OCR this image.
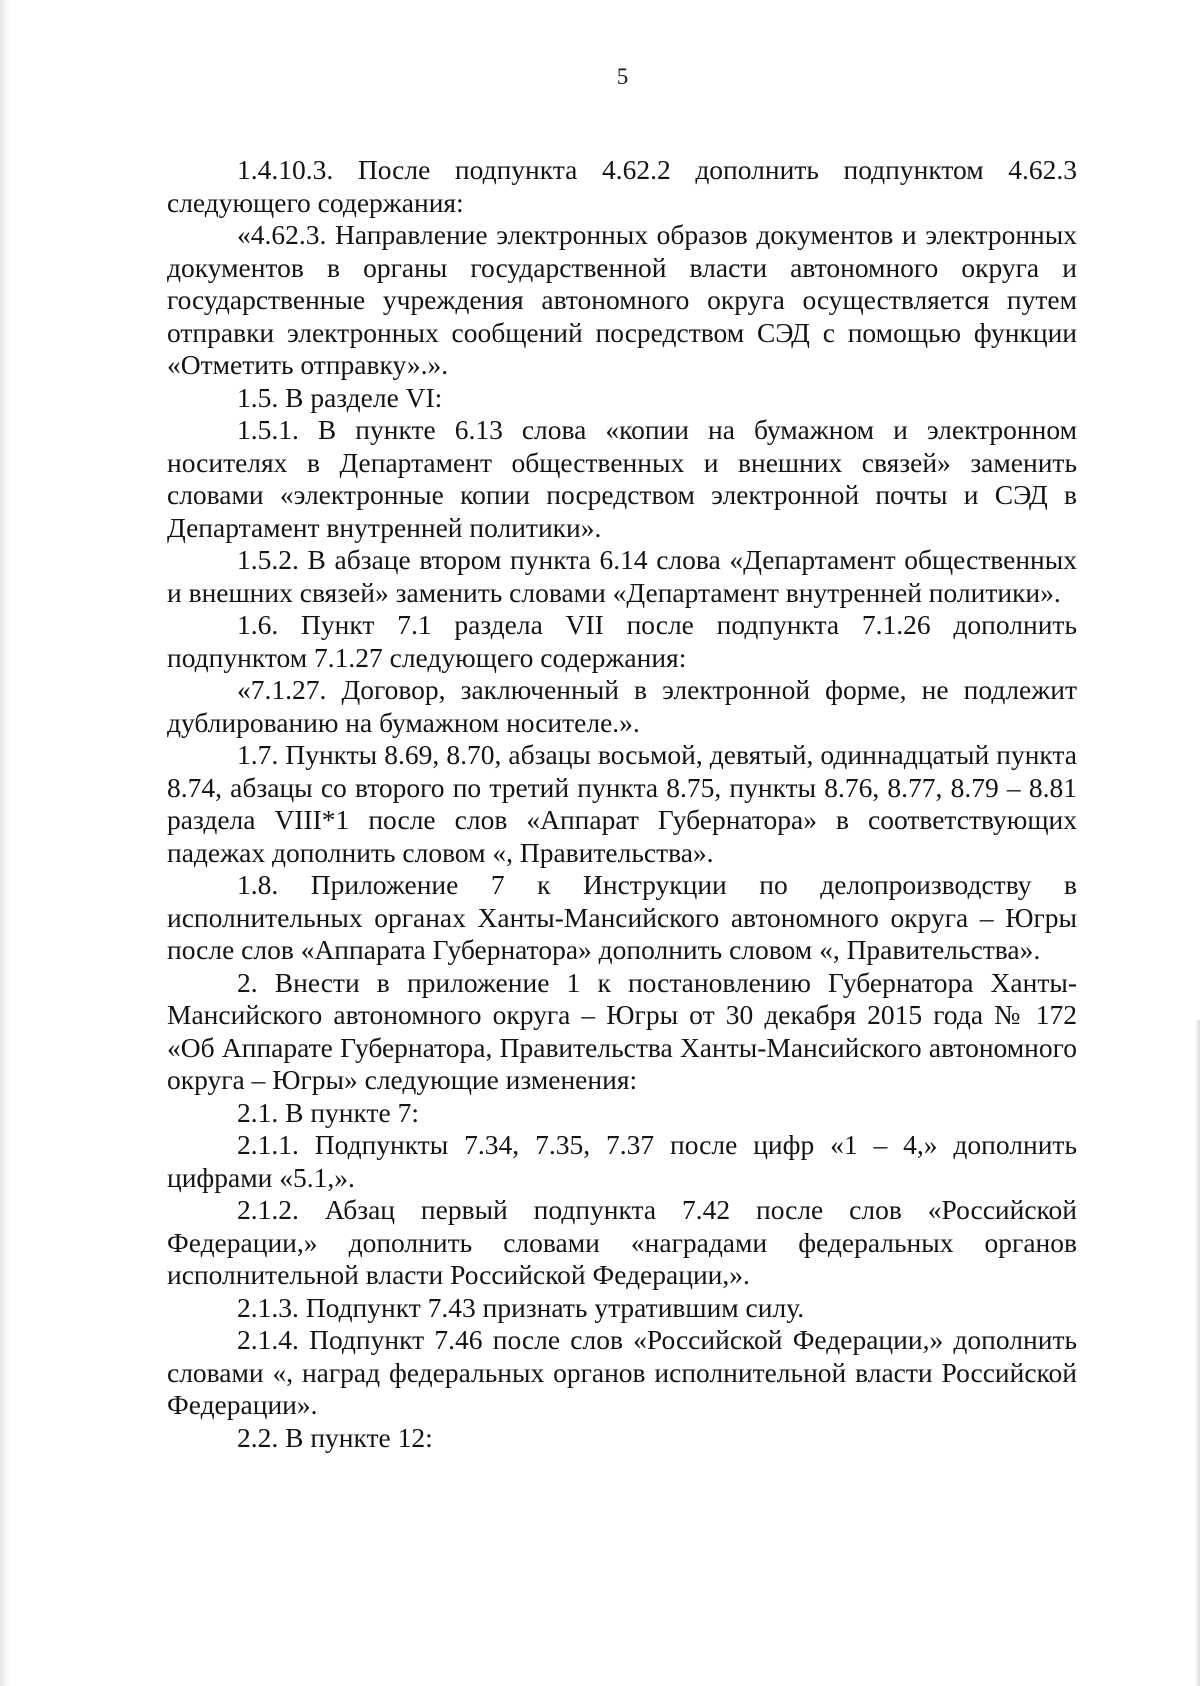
5

1.4.10.3. После подпункта 4.62.2 дополнить подпунктом 4.62.3 следующего содержания:

«4.62.3. Направление электронных образов документов и электронных документов в органы государственной власти автономного округа и государственные учреждения автономного округа осуществляется путем отправки электронных сообщений посредством СЭД с помощью функции «Отметить отправку».».

1.5. В разделе VI:

1.5.1. В пункте 6.13 слова «копии на бумажном и электронном носителях в Департамент общественных и внешних связей» заменить словами «электронные копии посредством электронной почты и СЭД в Департамент внутренней политики».

1.5.2. В абзаце втором пункта 6.14 слова «Департамент общественных и внешних связей» заменить словами «Департамент внутренней политики».

1.6. Пункт 7.1 раздела VII после подпункта 7.1.26 дополнить подпунктом 7.1.27 следующего содержания:

«7.1.27. Договор, заключенный в электронной форме, не подлежит дублированию на бумажном носителе.».

1.7. Пункты 8.69, 8.70, абзацы восьмой, девятый, одиннадцатый пункта 8.74, абзацы со второго по третий пункта 8.75, пункты 8.76, 8.77, 8.79 – 8.81 раздела VIII*1 после слов «Аппарат Губернатора» в соответствующих падежах дополнить словом «, Правительства».

1.8. Приложение 7 к Инструкции по делопроизводству в исполнительных органах Ханты-Мансийского автономного округа – Югры после слов «Аппарата Губернатора» дополнить словом «, Правительства».

2. Внести в приложение 1 к постановлению Губернатора Ханты-Мансийского автономного округа – Югры от 30 декабря 2015 года № 172 «Об Аппарате Губернатора, Правительства Ханты-Мансийского автономного округа – Югры» следующие изменения:

2.1. В пункте 7:

2.1.1. Подпункты 7.34, 7.35, 7.37 после цифр «1 – 4,» дополнить цифрами «5.1,».

2.1.2. Абзац первый подпункта 7.42 после слов «Российской Федерации,» дополнить словами «наградами федеральных органов исполнительной власти Российской Федерации,».

2.1.3. Подпункт 7.43 признать утратившим силу.

2.1.4. Подпункт 7.46 после слов «Российской Федерации,» дополнить словами «, наград федеральных органов исполнительной власти Российской Федерации».

2.2. В пункте 12:
